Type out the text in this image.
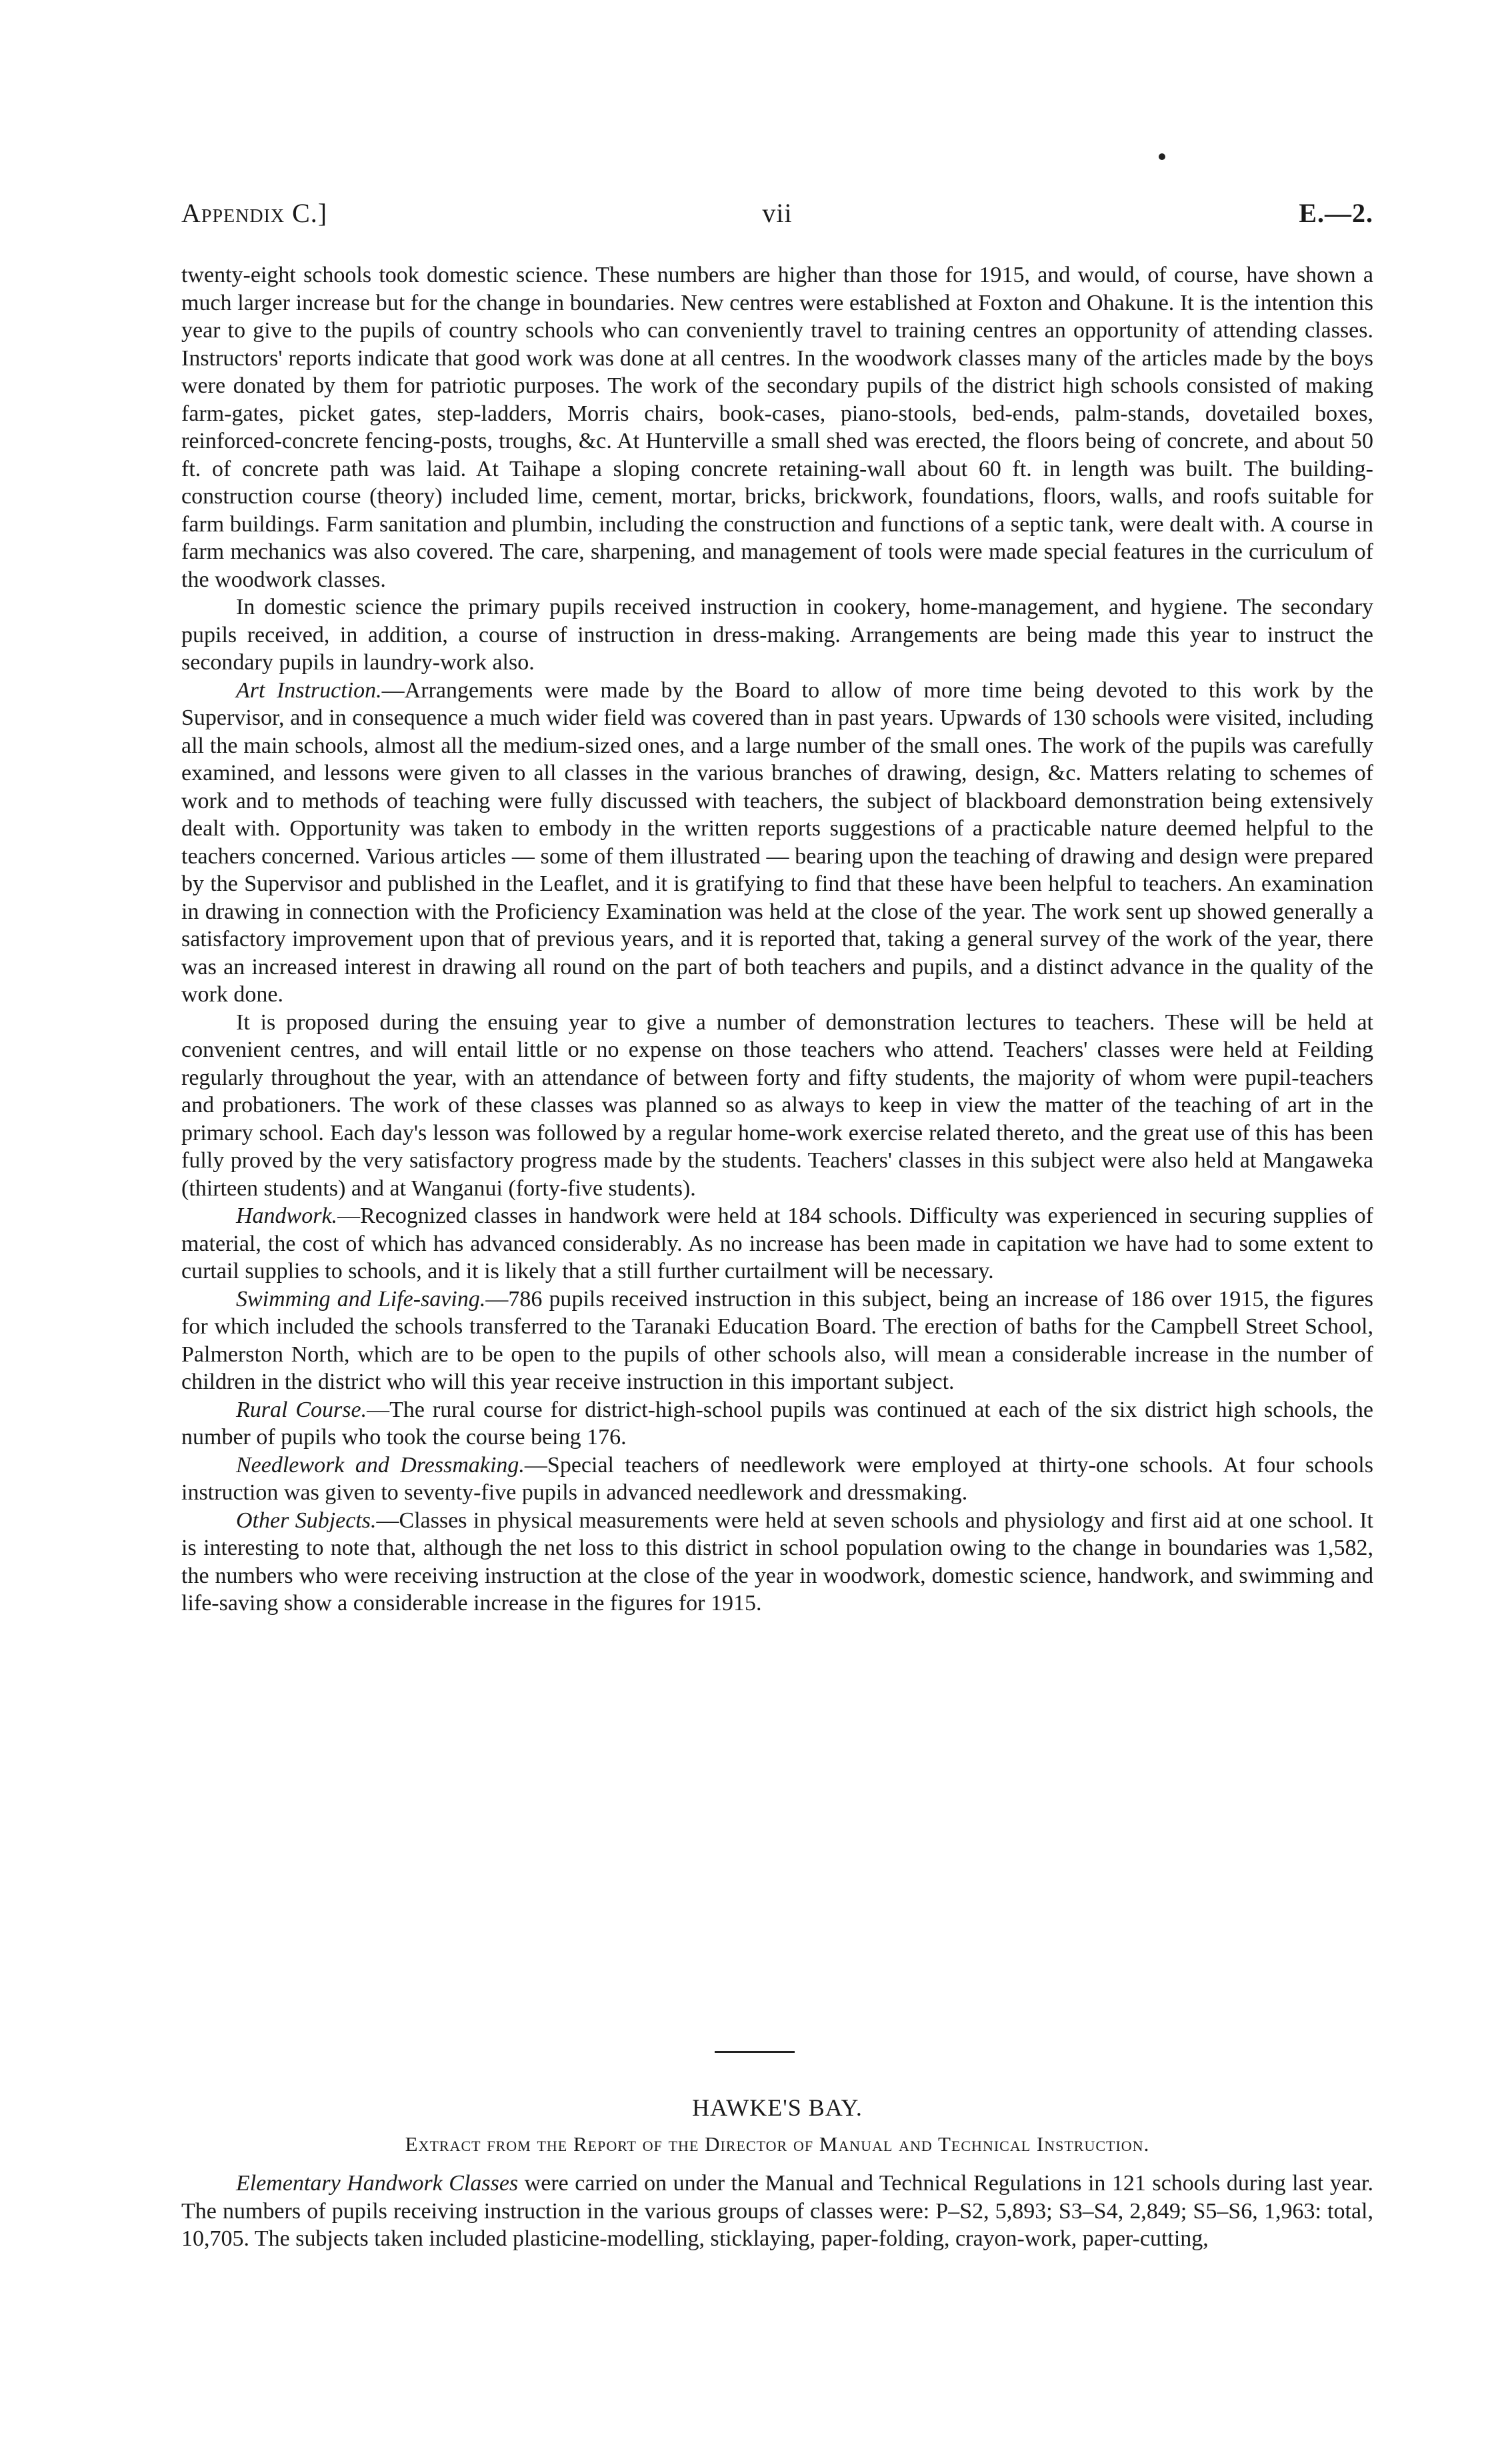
Appendix C.]	vii	E.—2.

twenty-eight schools took domestic science. These numbers are higher than those for 1915, and would, of course, have shown a much larger increase but for the change in boundaries. New centres were established at Foxton and Ohakune. It is the intention this year to give to the pupils of country schools who can conveniently travel to training centres an opportunity of attending classes. Instructors' reports indicate that good work was done at all centres. In the woodwork classes many of the articles made by the boys were donated by them for patriotic purposes. The work of the secondary pupils of the district high schools consisted of making farm-gates, picket gates, step-ladders, Morris chairs, book-cases, piano-stools, bed-ends, palm-stands, dovetailed boxes, reinforced-concrete fencing-posts, troughs, &c. At Hunterville a small shed was erected, the floors being of concrete, and about 50 ft. of concrete path was laid. At Taihape a sloping concrete retaining-wall about 60 ft. in length was built. The building-construction course (theory) included lime, cement, mortar, bricks, brickwork, foundations, floors, walls, and roofs suitable for farm buildings. Farm sanitation and plumbin, including the construction and functions of a septic tank, were dealt with. A course in farm mechanics was also covered. The care, sharpening, and management of tools were made special features in the curriculum of the woodwork classes.

In domestic science the primary pupils received instruction in cookery, home-management, and hygiene. The secondary pupils received, in addition, a course of instruction in dress-making. Arrangements are being made this year to instruct the secondary pupils in laundry-work also.

Art Instruction.—Arrangements were made by the Board to allow of more time being devoted to this work by the Supervisor, and in consequence a much wider field was covered than in past years. Upwards of 130 schools were visited, including all the main schools, almost all the medium-sized ones, and a large number of the small ones. The work of the pupils was carefully examined, and lessons were given to all classes in the various branches of drawing, design, &c. Matters relating to schemes of work and to methods of teaching were fully discussed with teachers, the subject of blackboard demonstration being extensively dealt with. Opportunity was taken to embody in the written reports suggestions of a practicable nature deemed helpful to the teachers concerned. Various articles — some of them illustrated — bearing upon the teaching of drawing and design were prepared by the Supervisor and published in the Leaflet, and it is gratifying to find that these have been helpful to teachers. An examination in drawing in connection with the Proficiency Examination was held at the close of the year. The work sent up showed generally a satisfactory improvement upon that of previous years, and it is reported that, taking a general survey of the work of the year, there was an increased interest in drawing all round on the part of both teachers and pupils, and a distinct advance in the quality of the work done.

It is proposed during the ensuing year to give a number of demonstration lectures to teachers. These will be held at convenient centres, and will entail little or no expense on those teachers who attend. Teachers' classes were held at Feilding regularly throughout the year, with an attendance of between forty and fifty students, the majority of whom were pupil-teachers and probationers. The work of these classes was planned so as always to keep in view the matter of the teaching of art in the primary school. Each day's lesson was followed by a regular home-work exercise related thereto, and the great use of this has been fully proved by the very satisfactory progress made by the students. Teachers' classes in this subject were also held at Mangaweka (thirteen students) and at Wanganui (forty-five students).

Handwork.—Recognized classes in handwork were held at 184 schools. Difficulty was experienced in securing supplies of material, the cost of which has advanced considerably. As no increase has been made in capitation we have had to some extent to curtail supplies to schools, and it is likely that a still further curtailment will be necessary.

Swimming and Life-saving.—786 pupils received instruction in this subject, being an increase of 186 over 1915, the figures for which included the schools transferred to the Taranaki Education Board. The erection of baths for the Campbell Street School, Palmerston North, which are to be open to the pupils of other schools also, will mean a considerable increase in the number of children in the district who will this year receive instruction in this important subject.

Rural Course.—The rural course for district-high-school pupils was continued at each of the six district high schools, the number of pupils who took the course being 176.

Needlework and Dressmaking.—Special teachers of needlework were employed at thirty-one schools. At four schools instruction was given to seventy-five pupils in advanced needlework and dressmaking.

Other Subjects.—Classes in physical measurements were held at seven schools and physiology and first aid at one school. It is interesting to note that, although the net loss to this district in school population owing to the change in boundaries was 1,582, the numbers who were receiving instruction at the close of the year in woodwork, domestic science, handwork, and swimming and life-saving show a considerable increase in the figures for 1915.

HAWKE'S BAY.
Extract from the Report of the Director of Manual and Technical Instruction.

Elementary Handwork Classes were carried on under the Manual and Technical Regulations in 121 schools during last year. The numbers of pupils receiving instruction in the various groups of classes were: P–S2, 5,893; S3–S4, 2,849; S5–S6, 1,963: total, 10,705. The subjects taken included plasticine-modelling, sticklaying, paper-folding, crayon-work, paper-cutting,
